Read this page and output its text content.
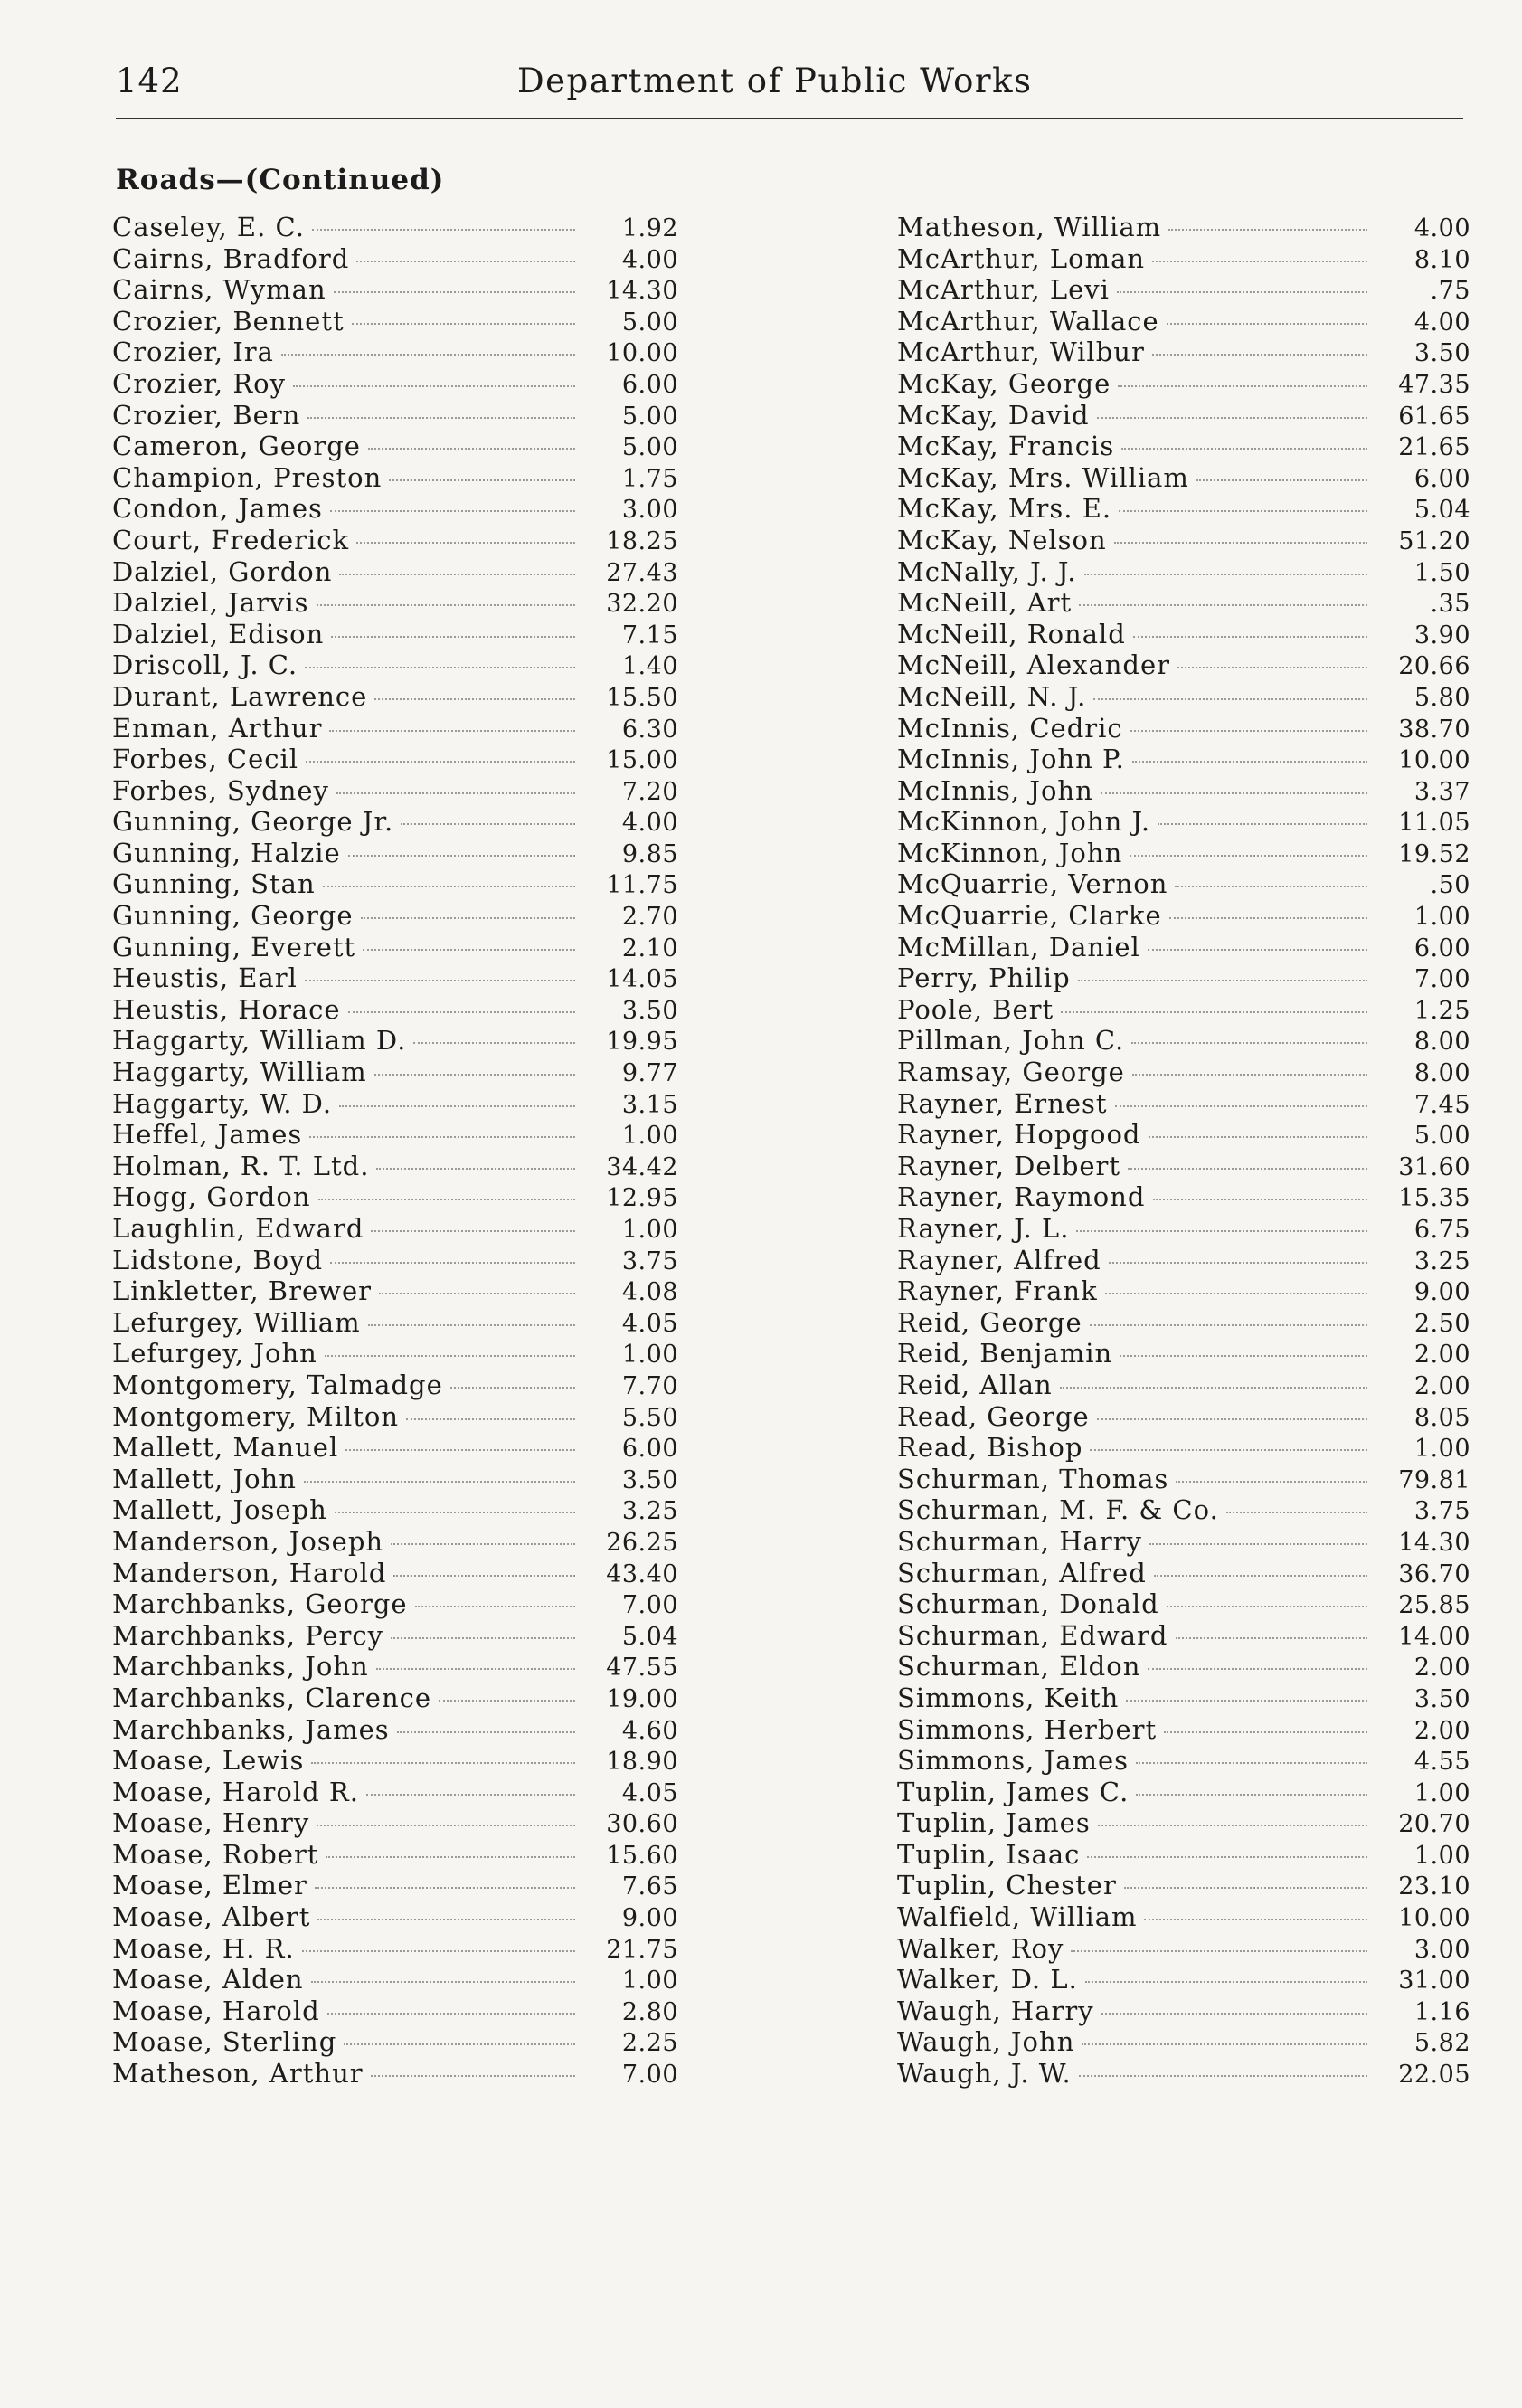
142	Department of Public Works
Roads—(Continued)
Caseley, E. C.	1.92
Cairns, Bradford	4.00
Cairns, Wyman	14.30
Crozier, Bennett	5.00
Crozier, Ira	10.00
Crozier, Roy	6.00
Crozier, Bern	5.00
Cameron, George	5.00
Champion, Preston	1.75
Condon, James	3.00
Court, Frederick	18.25
Dalziel, Gordon	27.43
Dalziel, Jarvis	32.20
Dalziel, Edison	7.15
Driscoll, J. C.	1.40
Durant, Lawrence	15.50
Enman, Arthur	6.30
Forbes, Cecil	15.00
Forbes, Sydney	7.20
Gunning, George Jr.	4.00
Gunning, Halzie	9.85
Gunning, Stan	11.75
Gunning, George	2.70
Gunning, Everett	2.10
Heustis, Earl	14.05
Heustis, Horace	3.50
Haggarty, William D.	19.95
Haggarty, William	9.77
Haggarty, W. D.	3.15
Heffel, James	1.00
Holman, R. T. Ltd.	34.42
Hogg, Gordon	12.95
Laughlin, Edward	1.00
Lidstone, Boyd	3.75
Linkletter, Brewer	4.08
Lefurgey, William	4.05
Lefurgey, John	1.00
Montgomery, Talmadge	7.70
Montgomery, Milton	5.50
Mallett, Manuel	6.00
Mallett, John	3.50
Mallett, Joseph	3.25
Manderson, Joseph	26.25
Manderson, Harold	43.40
Marchbanks, George	7.00
Marchbanks, Percy	5.04
Marchbanks, John	47.55
Marchbanks, Clarence	19.00
Marchbanks, James	4.60
Moase, Lewis	18.90
Moase, Harold R.	4.05
Moase, Henry	30.60
Moase, Robert	15.60
Moase, Elmer	7.65
Moase, Albert	9.00
Moase, H. R.	21.75
Moase, Alden	1.00
Moase, Harold	2.80
Moase, Sterling	2.25
Matheson, Arthur	7.00
Matheson, William	4.00
McArthur, Loman	8.10
McArthur, Levi	.75
McArthur, Wallace	4.00
McArthur, Wilbur	3.50
McKay, George	47.35
McKay, David	61.65
McKay, Francis	21.65
McKay, Mrs. William	6.00
McKay, Mrs. E.	5.04
McKay, Nelson	51.20
McNally, J. J.	1.50
McNeill, Art	.35
McNeill, Ronald	3.90
McNeill, Alexander	20.66
McNeill, N. J.	5.80
McInnis, Cedric	38.70
McInnis, John P.	10.00
McInnis, John	3.37
McKinnon, John J.	11.05
McKinnon, John	19.52
McQuarrie, Vernon	.50
McQuarrie, Clarke	1.00
McMillan, Daniel	6.00
Perry, Philip	7.00
Poole, Bert	1.25
Pillman, John C.	8.00
Ramsay, George	8.00
Rayner, Ernest	7.45
Rayner, Hopgood	5.00
Rayner, Delbert	31.60
Rayner, Raymond	15.35
Rayner, J. L.	6.75
Rayner, Alfred	3.25
Rayner, Frank	9.00
Reid, George	2.50
Reid, Benjamin	2.00
Reid, Allan	2.00
Read, George	8.05
Read, Bishop	1.00
Schurman, Thomas	79.81
Schurman, M. F. & Co.	3.75
Schurman, Harry	14.30
Schurman, Alfred	36.70
Schurman, Donald	25.85
Schurman, Edward	14.00
Schurman, Eldon	2.00
Simmons, Keith	3.50
Simmons, Herbert	2.00
Simmons, James	4.55
Tuplin, James C.	1.00
Tuplin, James	20.70
Tuplin, Isaac	1.00
Tuplin, Chester	23.10
Walfield, William	10.00
Walker, Roy	3.00
Walker, D. L.	31.00
Waugh, Harry	1.16
Waugh, John	5.82
Waugh, J. W.	22.05
